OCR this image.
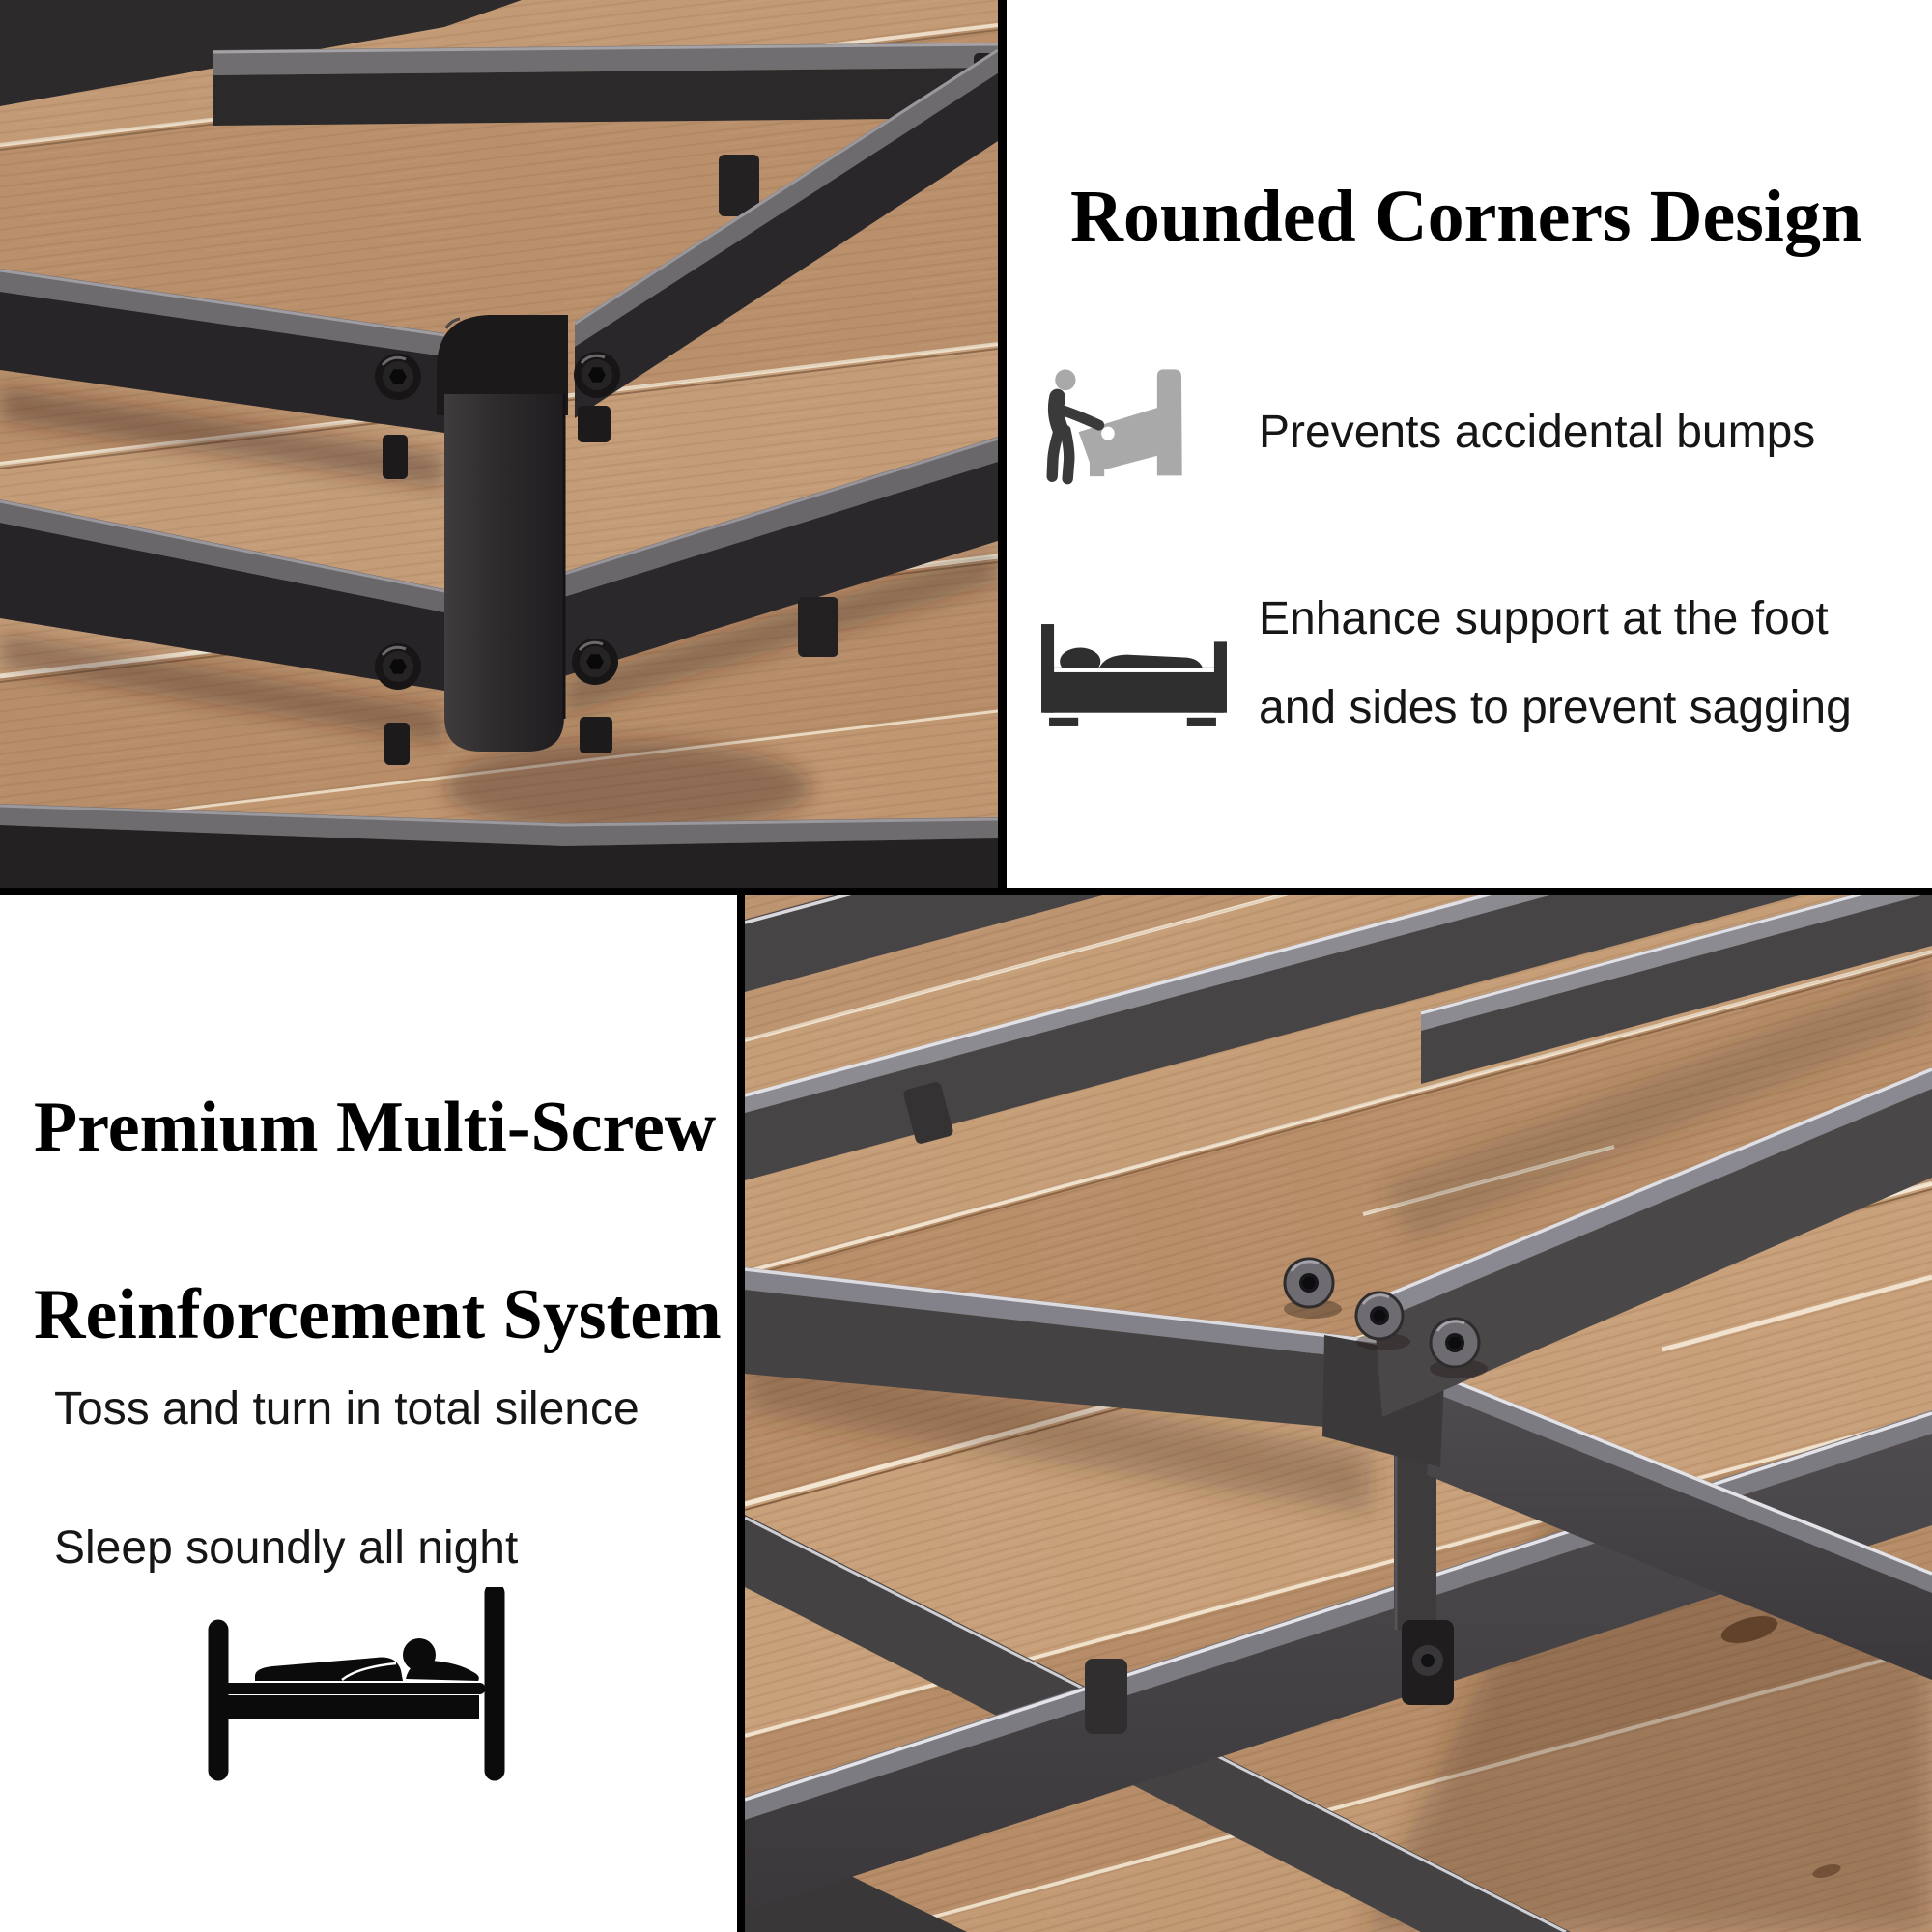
Rounded Corners Design
Prevents accidental bumps
Enhance support at the foot
and sides to prevent sagging
Premium Multi-Screw
Reinforcement System
Toss and turn in total silence
Sleep soundly all night
